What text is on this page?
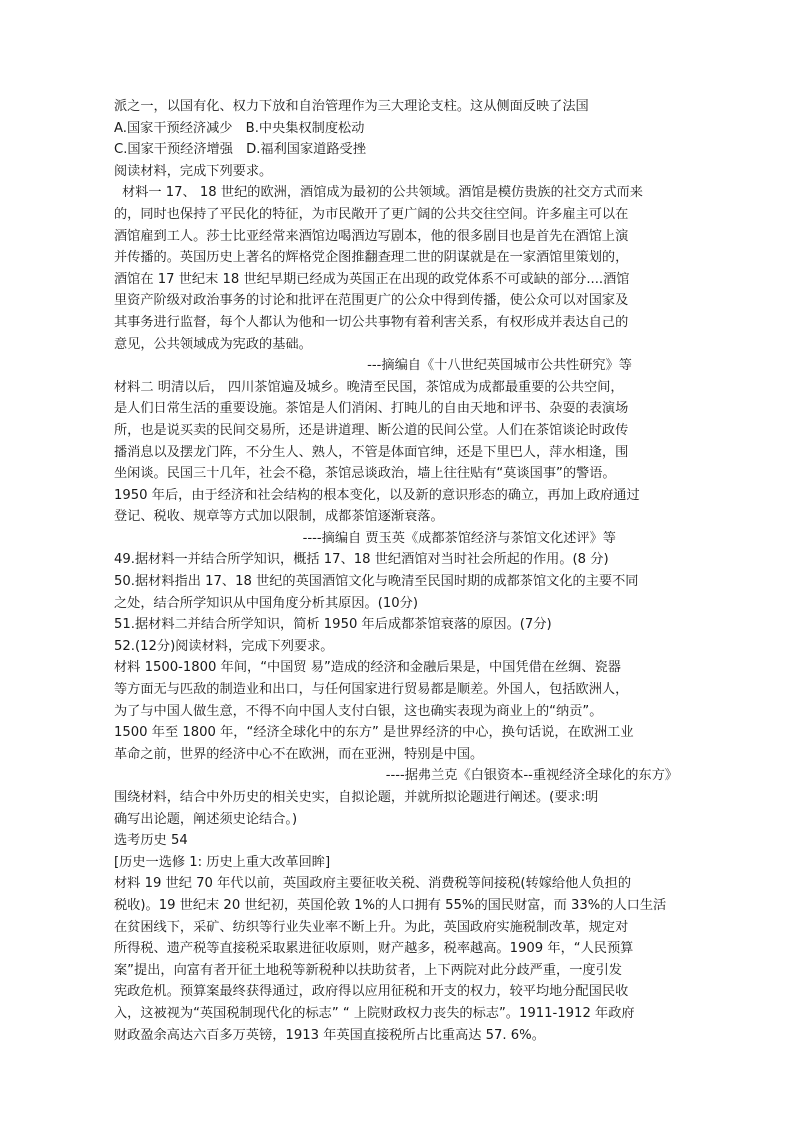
派之一，以国有化、权力下放和自治管理作为三大理论支柱。这从侧面反映了法国
A.国家干预经济减少　B.中央集权制度松动
C.国家干预经济增强　D.福利国家道路受挫
阅读材料，完成下列要求。
材料一 17、 18 世纪的欧洲，酒馆成为最初的公共领域。酒馆是模仿贵族的社交方式而来
的，同时也保持了平民化的特征，为市民敞开了更广阔的公共交往空间。许多雇主可以在
酒馆雇到工人。莎士比亚经常来酒馆边喝酒边写剧本，他的很多剧目也是首先在酒馆上演
并传播的。英国历史上著名的辉格党企图推翻查理二世的阴谋就是在一家酒馆里策划的，
酒馆在 17 世纪末 18 世纪早期已经成为英国正在出现的政党体系不可或缺的部分....酒馆
里资产阶级对政治事务的讨论和批评在范围更广的公众中得到传播，使公众可以对国家及
其事务进行监督，每个人都认为他和一切公共事物有着利害关系，有权形成并表达自己的
意见，公共领域成为宪政的基础。
---摘编自《十八世纪英国城市公共性研究》等
材料二 明清以后， 四川茶馆遍及城乡。晚清至民国，茶馆成为成都最重要的公共空间，
是人们日常生活的重要设施。茶馆是人们消闲、打盹儿的自由天地和评书、杂耍的表演场
所，也是说买卖的民间交易所，还是讲道理、断公道的民间公堂。人们在茶馆谈论时政传
播消息以及摆龙门阵，不分生人、熟人，不管是体面官绅，还是下里巴人，萍水相逢，围
坐闲谈。民国三十几年，社会不稳，茶馆忌谈政治，墙上往往贴有“莫谈国事”的警语。
1950 年后，由于经济和社会结构的根本变化，以及新的意识形态的确立，再加上政府通过
登记、税收、规章等方式加以限制，成都茶馆逐渐衰落。
----摘编自 贾玉英《成都茶馆经济与茶馆文化述评》等
49.据材料一并结合所学知识，概括 17、18 世纪酒馆对当时社会所起的作用。(8 分)
50.据材料指出 17、18 世纪的英国酒馆文化与晚清至民国时期的成都茶馆文化的主要不同
之处，结合所学知识从中国角度分析其原因。(10分)
51.据材料二并结合所学知识，简析 1950 年后成都茶馆衰落的原因。(7分)
52.(12分)阅读材料，完成下列要求。
材料 1500-1800 年间，“中国贸 易”造成的经济和金融后果是，中国凭借在丝绸、瓷器
等方面无与匹敌的制造业和出口，与任何国家进行贸易都是顺差。外国人，包括欧洲人，
为了与中国人做生意，不得不向中国人支付白银，这也确实表现为商业上的“纳贡”。
1500 年至 1800 年，“经济全球化中的东方” 是世界经济的中心，换句话说，在欧洲工业
革命之前，世界的经济中心不在欧洲，而在亚洲，特别是中国。
----据弗兰克《白银资本--重视经济全球化的东方》
围绕材料，结合中外历史的相关史实，自拟论题，并就所拟论题进行阐述。(要求:明
确写出论题，阐述须史论结合。)
选考历史 54
[历史一选修 1: 历史上重大改革回眸]
材料 19 世纪 70 年代以前，英国政府主要征收关税、消费税等间接税(转嫁给他人负担的
税收)。19 世纪末 20 世纪初，英国伦敦 1%的人口拥有 55%的国民财富，而 33%的人口生活
在贫困线下，采矿、纺织等行业失业率不断上升。为此，英国政府实施税制改革，规定对
所得税、遗产税等直接税采取累进征收原则，财产越多，税率越高。1909 年，“人民预算
案”提出，向富有者开征土地税等新税种以扶助贫者，上下两院对此分歧严重，一度引发
宪政危机。预算案最终获得通过，政府得以应用征税和开支的权力，较平均地分配国民收
入，这被视为“英国税制现代化的标志” “ 上院财政权力丧失的标志”。1911-1912 年政府
财政盈余高达六百多万英镑，1913 年英国直接税所占比重高达 57. 6%。
